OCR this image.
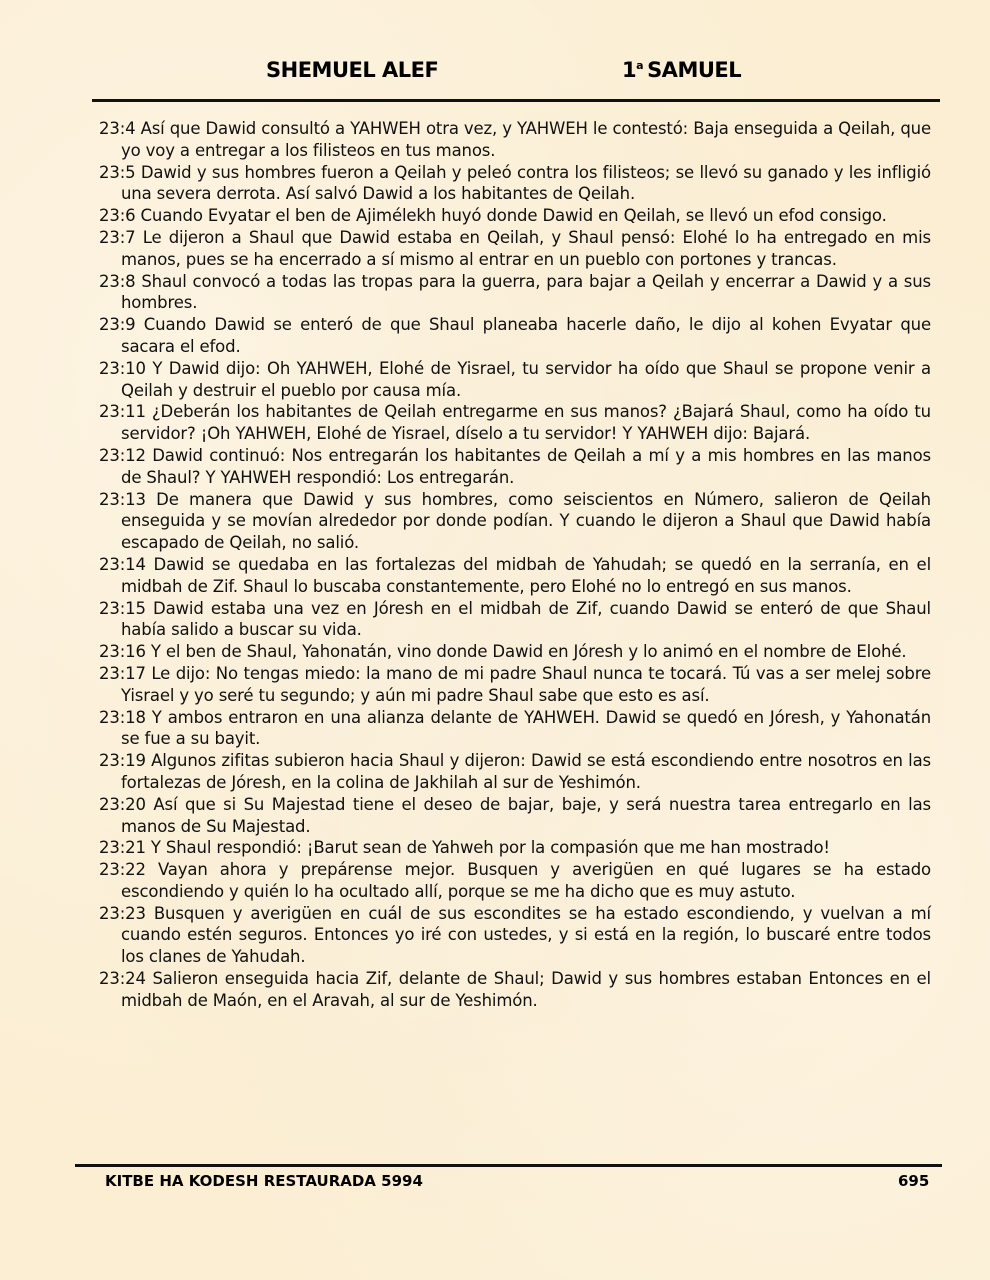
SHEMUEL ALEF	1$^a$ SAMUEL

23:4 Así que Dawid consultó a YAHWEH otra vez, y YAHWEH le contestó: Baja enseguida a Qeilah, que yo voy a entregar a los filisteos en tus manos.

23:5 Dawid y sus hombres fueron a Qeilah y peleó contra los filisteos; se llevó su ganado y les infligió una severa derrota. Así salvó Dawid a los habitantes de Qeilah.

23:6 Cuando Evyatar el ben de Ajimélekh huyó donde Dawid en Qeilah, se llevó un efod consigo.

23:7 Le dijeron a Shaul que Dawid estaba en Qeilah, y Shaul pensó: Elohé lo ha entregado en mis manos, pues se ha encerrado a sí mismo al entrar en un pueblo con portones y trancas.

23:8 Shaul convocó a todas las tropas para la guerra, para bajar a Qeilah y encerrar a Dawid y a sus hombres.

23:9 Cuando Dawid se enteró de que Shaul planeaba hacerle daño, le dijo al kohen Evyatar que sacara el efod.

23:10 Y Dawid dijo: Oh YAHWEH, Elohé de Yisrael, tu servidor ha oído que Shaul se propone venir a Qeilah y destruir el pueblo por causa mía.

23:11 ¿Deberán los habitantes de Qeilah entregarme en sus manos? ¿Bajará Shaul, como ha oído tu servidor? ¡Oh YAHWEH, Elohé de Yisrael, díselo a tu servidor! Y YAHWEH dijo: Bajará.

23:12 Dawid continuó: Nos entregarán los habitantes de Qeilah a mí y a mis hombres en las manos de Shaul? Y YAHWEH respondió: Los entregarán.

23:13 De manera que Dawid y sus hombres, como seiscientos en Número, salieron de Qeilah enseguida y se movían alrededor por donde podían. Y cuando le dijeron a Shaul que Dawid había escapado de Qeilah, no salió.

23:14 Dawid se quedaba en las fortalezas del midbah de Yahudah; se quedó en la serranía, en el midbah de Zif. Shaul lo buscaba constantemente, pero Elohé no lo entregó en sus manos.

23:15 Dawid estaba una vez en Jóresh en el midbah de Zif, cuando Dawid se enteró de que Shaul había salido a buscar su vida.

23:16 Y el ben de Shaul, Yahonatán, vino donde Dawid en Jóresh y lo animó en el nombre de Elohé.

23:17 Le dijo: No tengas miedo: la mano de mi padre Shaul nunca te tocará. Tú vas a ser melej sobre Yisrael y yo seré tu segundo; y aún mi padre Shaul sabe que esto es así.

23:18 Y ambos entraron en una alianza delante de YAHWEH. Dawid se quedó en Jóresh, y Yahonatán se fue a su bayit.

23:19 Algunos zifitas subieron hacia Shaul y dijeron: Dawid se está escondiendo entre nosotros en las fortalezas de Jóresh, en la colina de Jakhilah al sur de Yeshimón.

23:20 Así que si Su Majestad tiene el deseo de bajar, baje, y será nuestra tarea entregarlo en las manos de Su Majestad.

23:21 Y Shaul respondió: ¡Barut sean de Yahweh por la compasión que me han mostrado!

23:22 Vayan ahora y prepárense mejor. Busquen y averigüen en qué lugares se ha estado escondiendo y quién lo ha ocultado allí, porque se me ha dicho que es muy astuto.

23:23 Busquen y averigüen en cuál de sus escondites se ha estado escondiendo, y vuelvan a mí cuando estén seguros. Entonces yo iré con ustedes, y si está en la región, lo buscaré entre todos los clanes de Yahudah.

23:24 Salieron enseguida hacia Zif, delante de Shaul; Dawid y sus hombres estaban Entonces en el midbah de Maón, en el Aravah, al sur de Yeshimón.

KITBE HA KODESH RESTAURADA 5994	695
